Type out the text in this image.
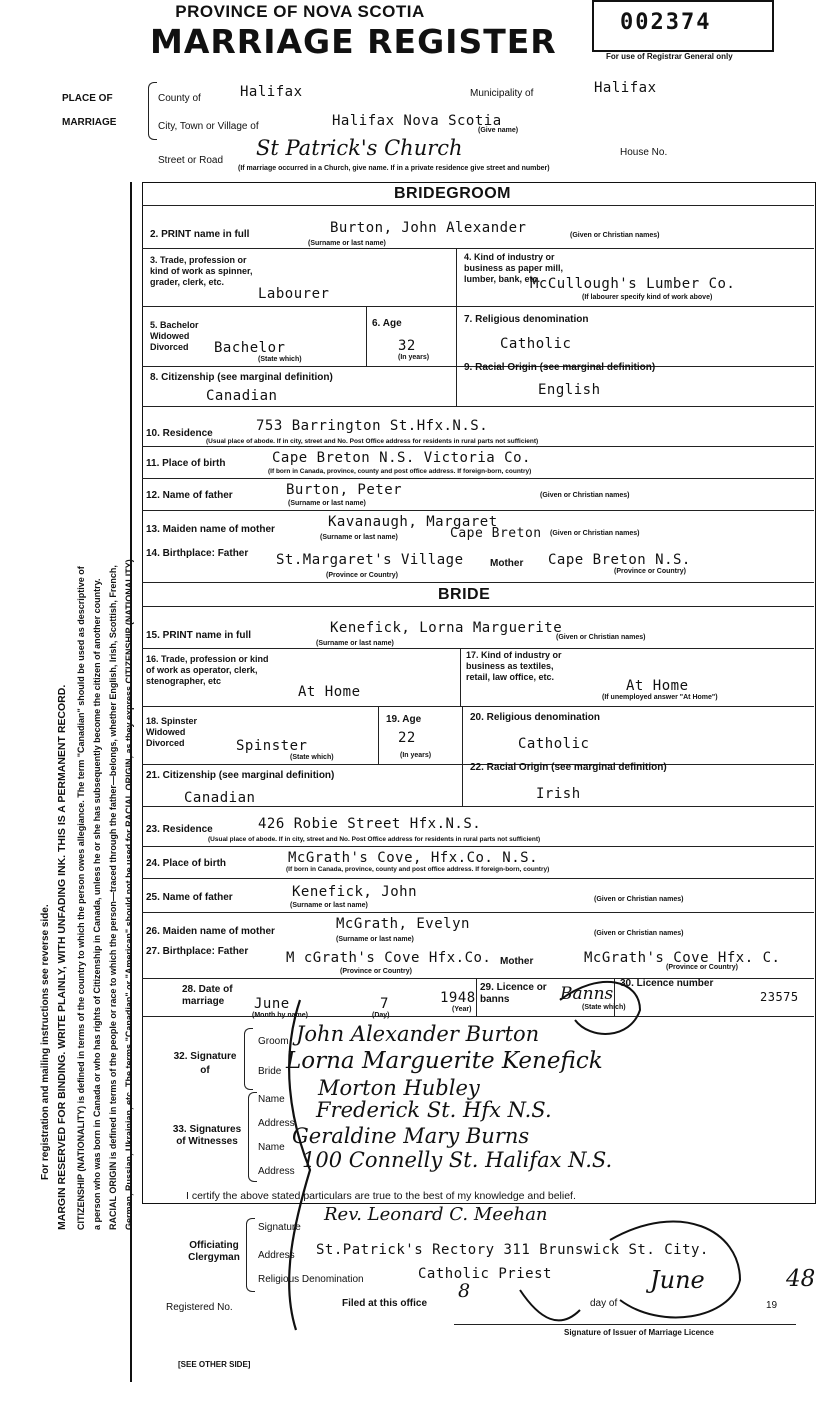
PROVINCE OF NOVA SCOTIA
MARRIAGE REGISTER	002374
For use of Registrar General only
For registration and mailing instructions see reverse side. MARGIN RESERVED FOR BINDING. WRITE PLAINLY, WITH UNFADING INK. THIS IS A PERMANENT RECORD. CITIZENSHIP (NATIONALITY) is defined in terms of the country to which the person owes allegiance. The term "Canadian" should be used as descriptive of a person who was born in Canada or who has rights of Citizenship in Canada, unless he or she has subsequently become the citizen of another country. RACIAL ORIGIN is defined in terms of the people or race to which the person—traced through the father—belongs, whether English, Irish, Scottish, French, German, Russian, Ukrainian, etc. The terms "Canadian" or "American" should not be used for RACIAL ORIGIN, as they express CITIZENSHIP (NATIONALITY).
PLACE OF
MARRIAGE
County of	Halifax	Municipality of	Halifax
City, Town or Village of	Halifax Nova Scotia
(Give name)
Street or Road
St Patrick's Church	House No.
(If marriage occurred in a Church, give name. If in a private residence give street and number)
BRIDEGROOM
2. PRINT name in full	Burton, John Alexander
(Surname or last name)
(Given or Christian names)
3. Trade, profession or kind of work as spinner, grader, clerk, etc.
Labourer
4. Kind of industry or business as paper mill, lumber, bank, etc.
McCullough's Lumber Co.
(If labourer specify kind of work above)
5. Bachelor Widowed Divorced	Bachelor
(State which)
6. Age
32
(In years)
7. Religious denomination
Catholic
8. Citizenship (see marginal definition)
Canadian
9. Racial Origin (see marginal definition)
English
10. Residence	753 Barrington St.Hfx.N.S.
(Usual place of abode. If in city, street and No. Post Office address for residents in rural parts not sufficient)
11. Place of birth	Cape Breton N.S. Victoria Co.
(If born in Canada, province, county and post office address. If foreign-born, country)
12. Name of father	Burton, Peter
(Surname or last name)
(Given or Christian names)
13. Maiden name of mother	Kavanaugh, Margaret
Cape Breton
(Surname or last name)
(Given or Christian names)
14. Birthplace: Father	St.Margaret's Village	Mother Cape Breton N.S.
(Province or Country)
(Province or Country)
BRIDE
15. PRINT name in full	Kenefick, Lorna Marguerite
(Surname or last name)
(Given or Christian names)
16. Trade, profession or kind of work as operator, clerk, stenographer, etc
At Home
17. Kind of industry or business as textiles, retail, law office, etc.
At Home
(If unemployed answer "At Home")
18. Spinster Widowed Divorced	Spinster
(State which)
19. Age
22
(In years)
20. Religious denomination
Catholic
21. Citizenship (see marginal definition)
Canadian
22. Racial Origin (see marginal definition)
Irish
23. Residence	426 Robie Street Hfx.N.S.
(Usual place of abode. If in city, street and No. Post Office address for residents in rural parts not sufficient)
24. Place of birth	McGrath's Cove, Hfx.Co. N.S.
(If born in Canada, province, county and post office address. If foreign-born, country)
25. Name of father	Kenefick, John
(Surname or last name)
(Given or Christian names)
26. Maiden name of mother	McGrath, Evelyn
(Surname or last name)
(Given or Christian names)
27. Birthplace: Father	M cGrath's Cove Hfx.Co. Mother	McGrath's Cove Hfx. C.
(Province or Country)
(Province or Country)
28. Date of marriage	June	7	1948
(Month by name)	(Day)
(Year)
29. Licence or banns	Banns
(State which)
30. Licence number
23575
32. Signature of
Groom John Alexander Burton
Bride Lorna Marguerite Kenefick
33. Signatures of Witnesses
Name Morton Hubley
Address
Frederick St. Hfx N.S.
Name Geraldine Mary Burns
Address 100 Connelly St. Halifax N.S.
I certify the above stated particulars are true to the best of my knowledge and belief.
Officiating Clergyman
Signature
Rev. Leonard C. Meehan
Address St.Patrick's Rectory 311 Brunswick St. City.
Religious Denomination	Catholic Priest
Registered No.	Filed at this office
8
day of
June
19
48
Signature of Issuer of Marriage Licence
[SEE OTHER SIDE]
